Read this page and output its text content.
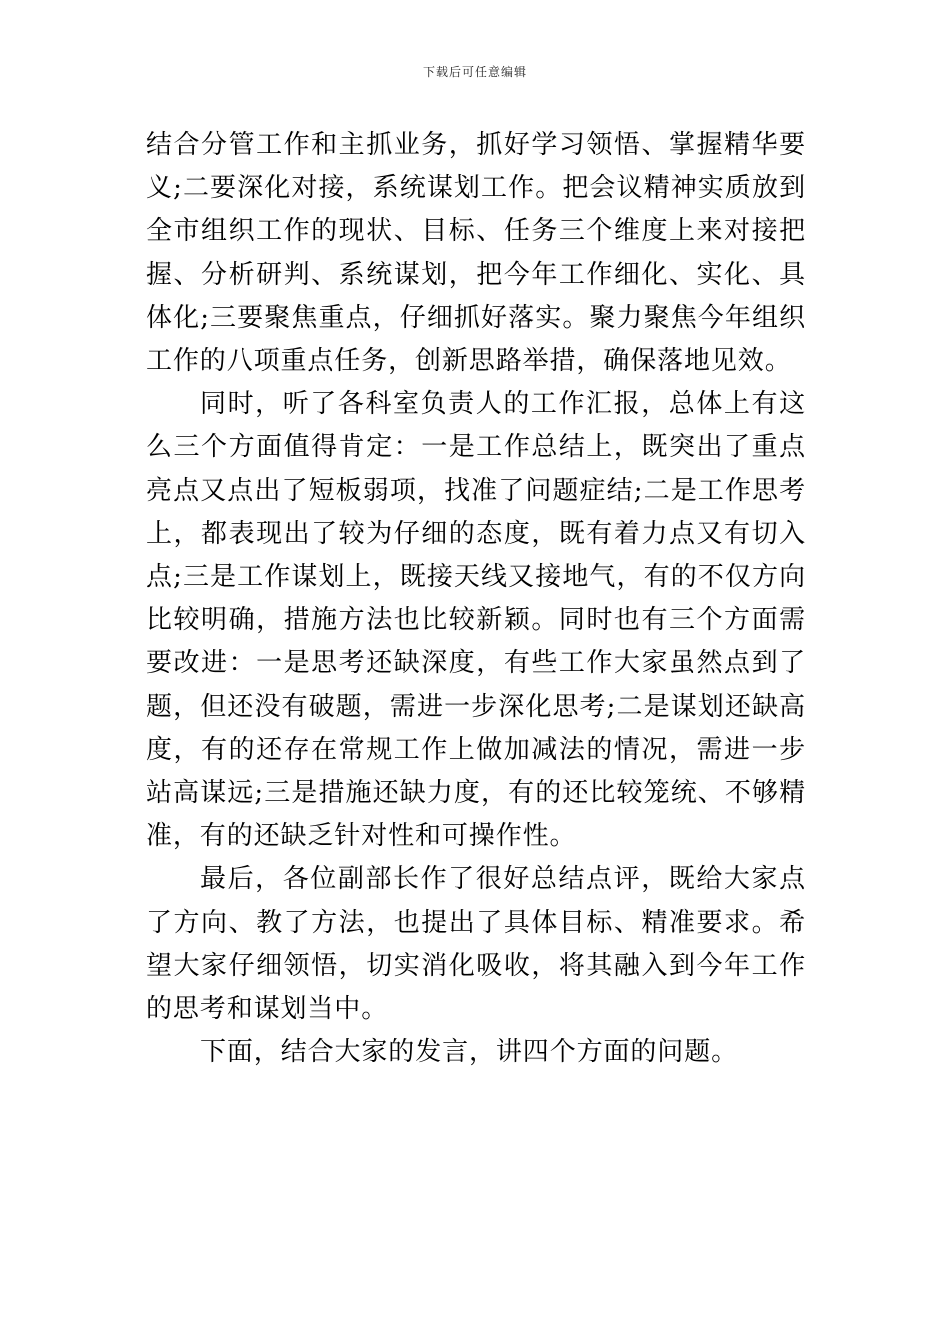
下载后可任意编辑

结合分管工作和主抓业务，抓好学习领悟、掌握精华要义;二要深化对接，系统谋划工作。把会议精神实质放到全市组织工作的现状、目标、任务三个维度上来对接把握、分析研判、系统谋划，把今年工作细化、实化、具体化;三要聚焦重点，仔细抓好落实。聚力聚焦今年组织工作的八项重点任务，创新思路举措，确保落地见效。

同时，听了各科室负责人的工作汇报，总体上有这么三个方面值得肯定：一是工作总结上，既突出了重点亮点又点出了短板弱项，找准了问题症结;二是工作思考上，都表现出了较为仔细的态度，既有着力点又有切入点;三是工作谋划上，既接天线又接地气，有的不仅方向比较明确，措施方法也比较新颖。同时也有三个方面需要改进：一是思考还缺深度，有些工作大家虽然点到了题，但还没有破题，需进一步深化思考;二是谋划还缺高度，有的还存在常规工作上做加减法的情况，需进一步站高谋远;三是措施还缺力度，有的还比较笼统、不够精准，有的还缺乏针对性和可操作性。

最后，各位副部长作了很好总结点评，既给大家点了方向、教了方法，也提出了具体目标、精准要求。希望大家仔细领悟，切实消化吸收，将其融入到今年工作的思考和谋划当中。

下面，结合大家的发言，讲四个方面的问题。
